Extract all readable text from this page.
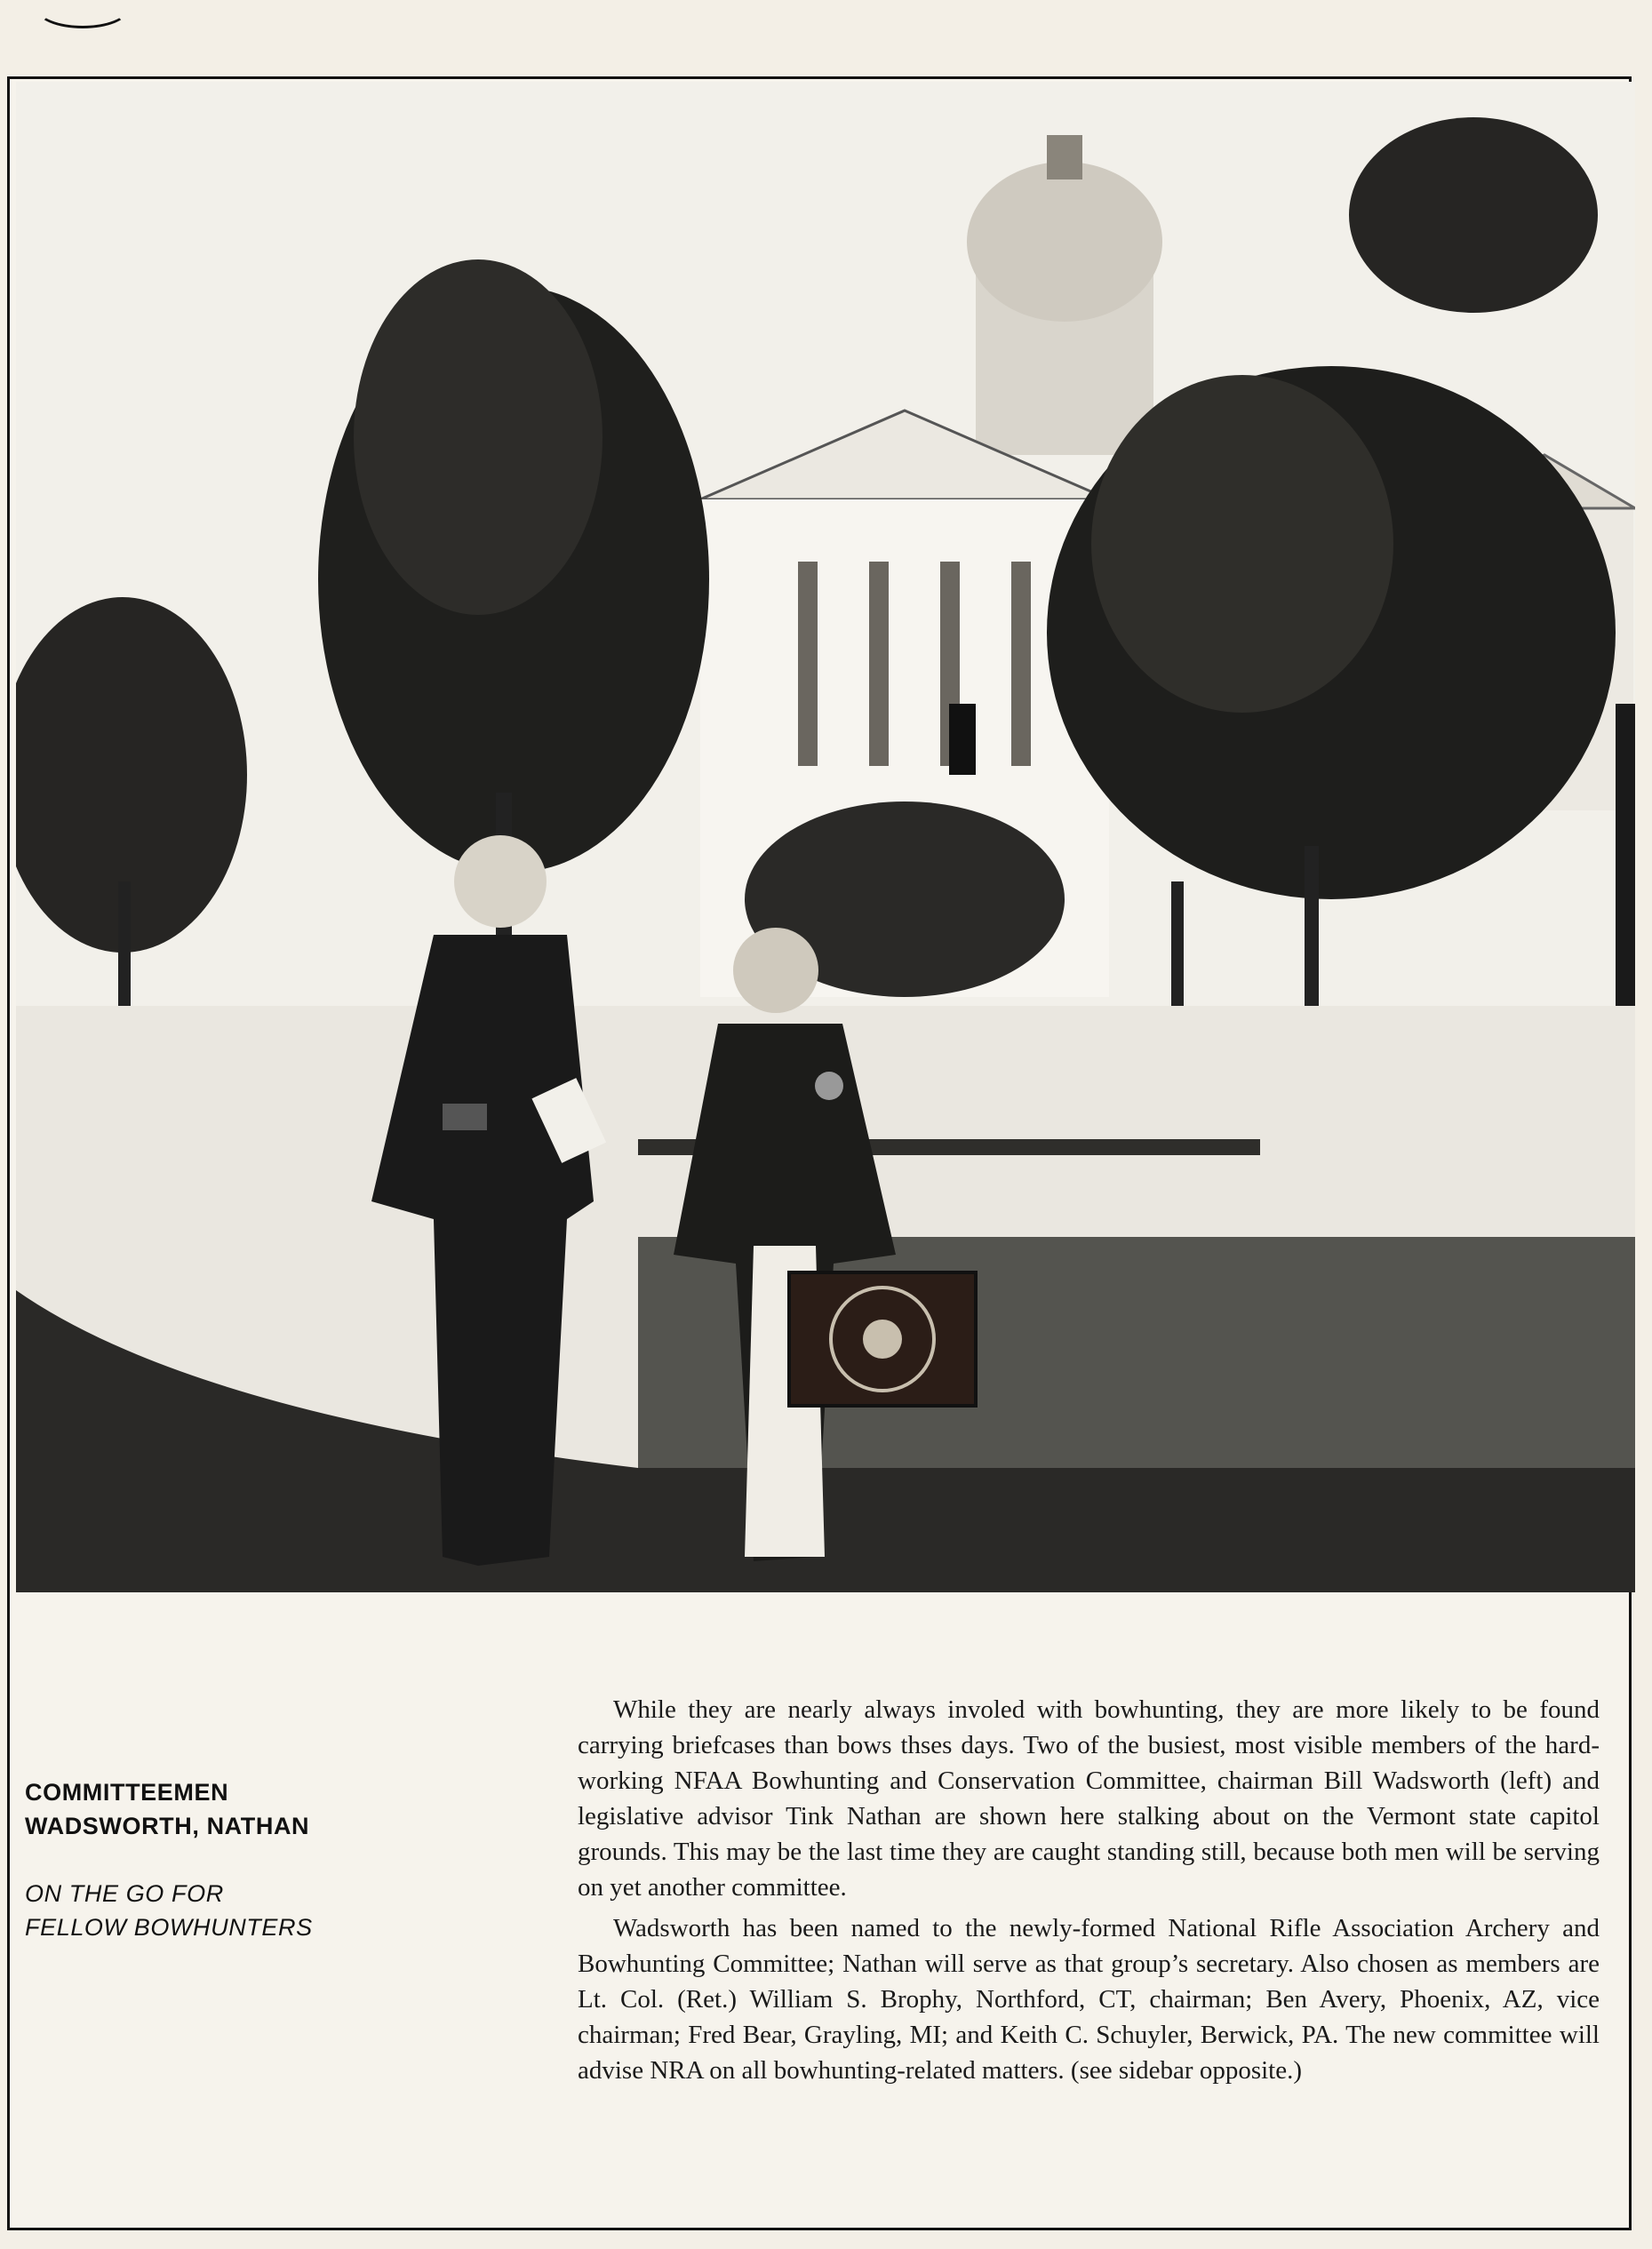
COMMITTEEMEN

WADSWORTH, NATHAN

ON THE GO FOR

FELLOW BOWHUNTERS

While they are nearly always involed with bowhunting, they are more likely to be found carrying briefcases than bows thses days. Two of the busiest, most visible members of the hard-working NFAA Bowhunting and Conservation Committee, chairman Bill Wadsworth (left) and legislative advisor Tink Nathan are shown here stalking about on the Vermont state capitol grounds. This may be the last time they are caught standing still, because both men will be serving on yet another committee.

Wadsworth has been named to the newly-formed National Rifle Association Archery and Bowhunting Committee; Nathan will serve as that group’s secretary. Also chosen as members are Lt. Col. (Ret.) William S. Brophy, Northford, CT, chairman; Ben Avery, Phoenix, AZ, vice chairman; Fred Bear, Grayling, MI; and Keith C. Schuyler, Berwick, PA. The new committee will advise NRA on all bowhunting-related matters. (see sidebar opposite.)
